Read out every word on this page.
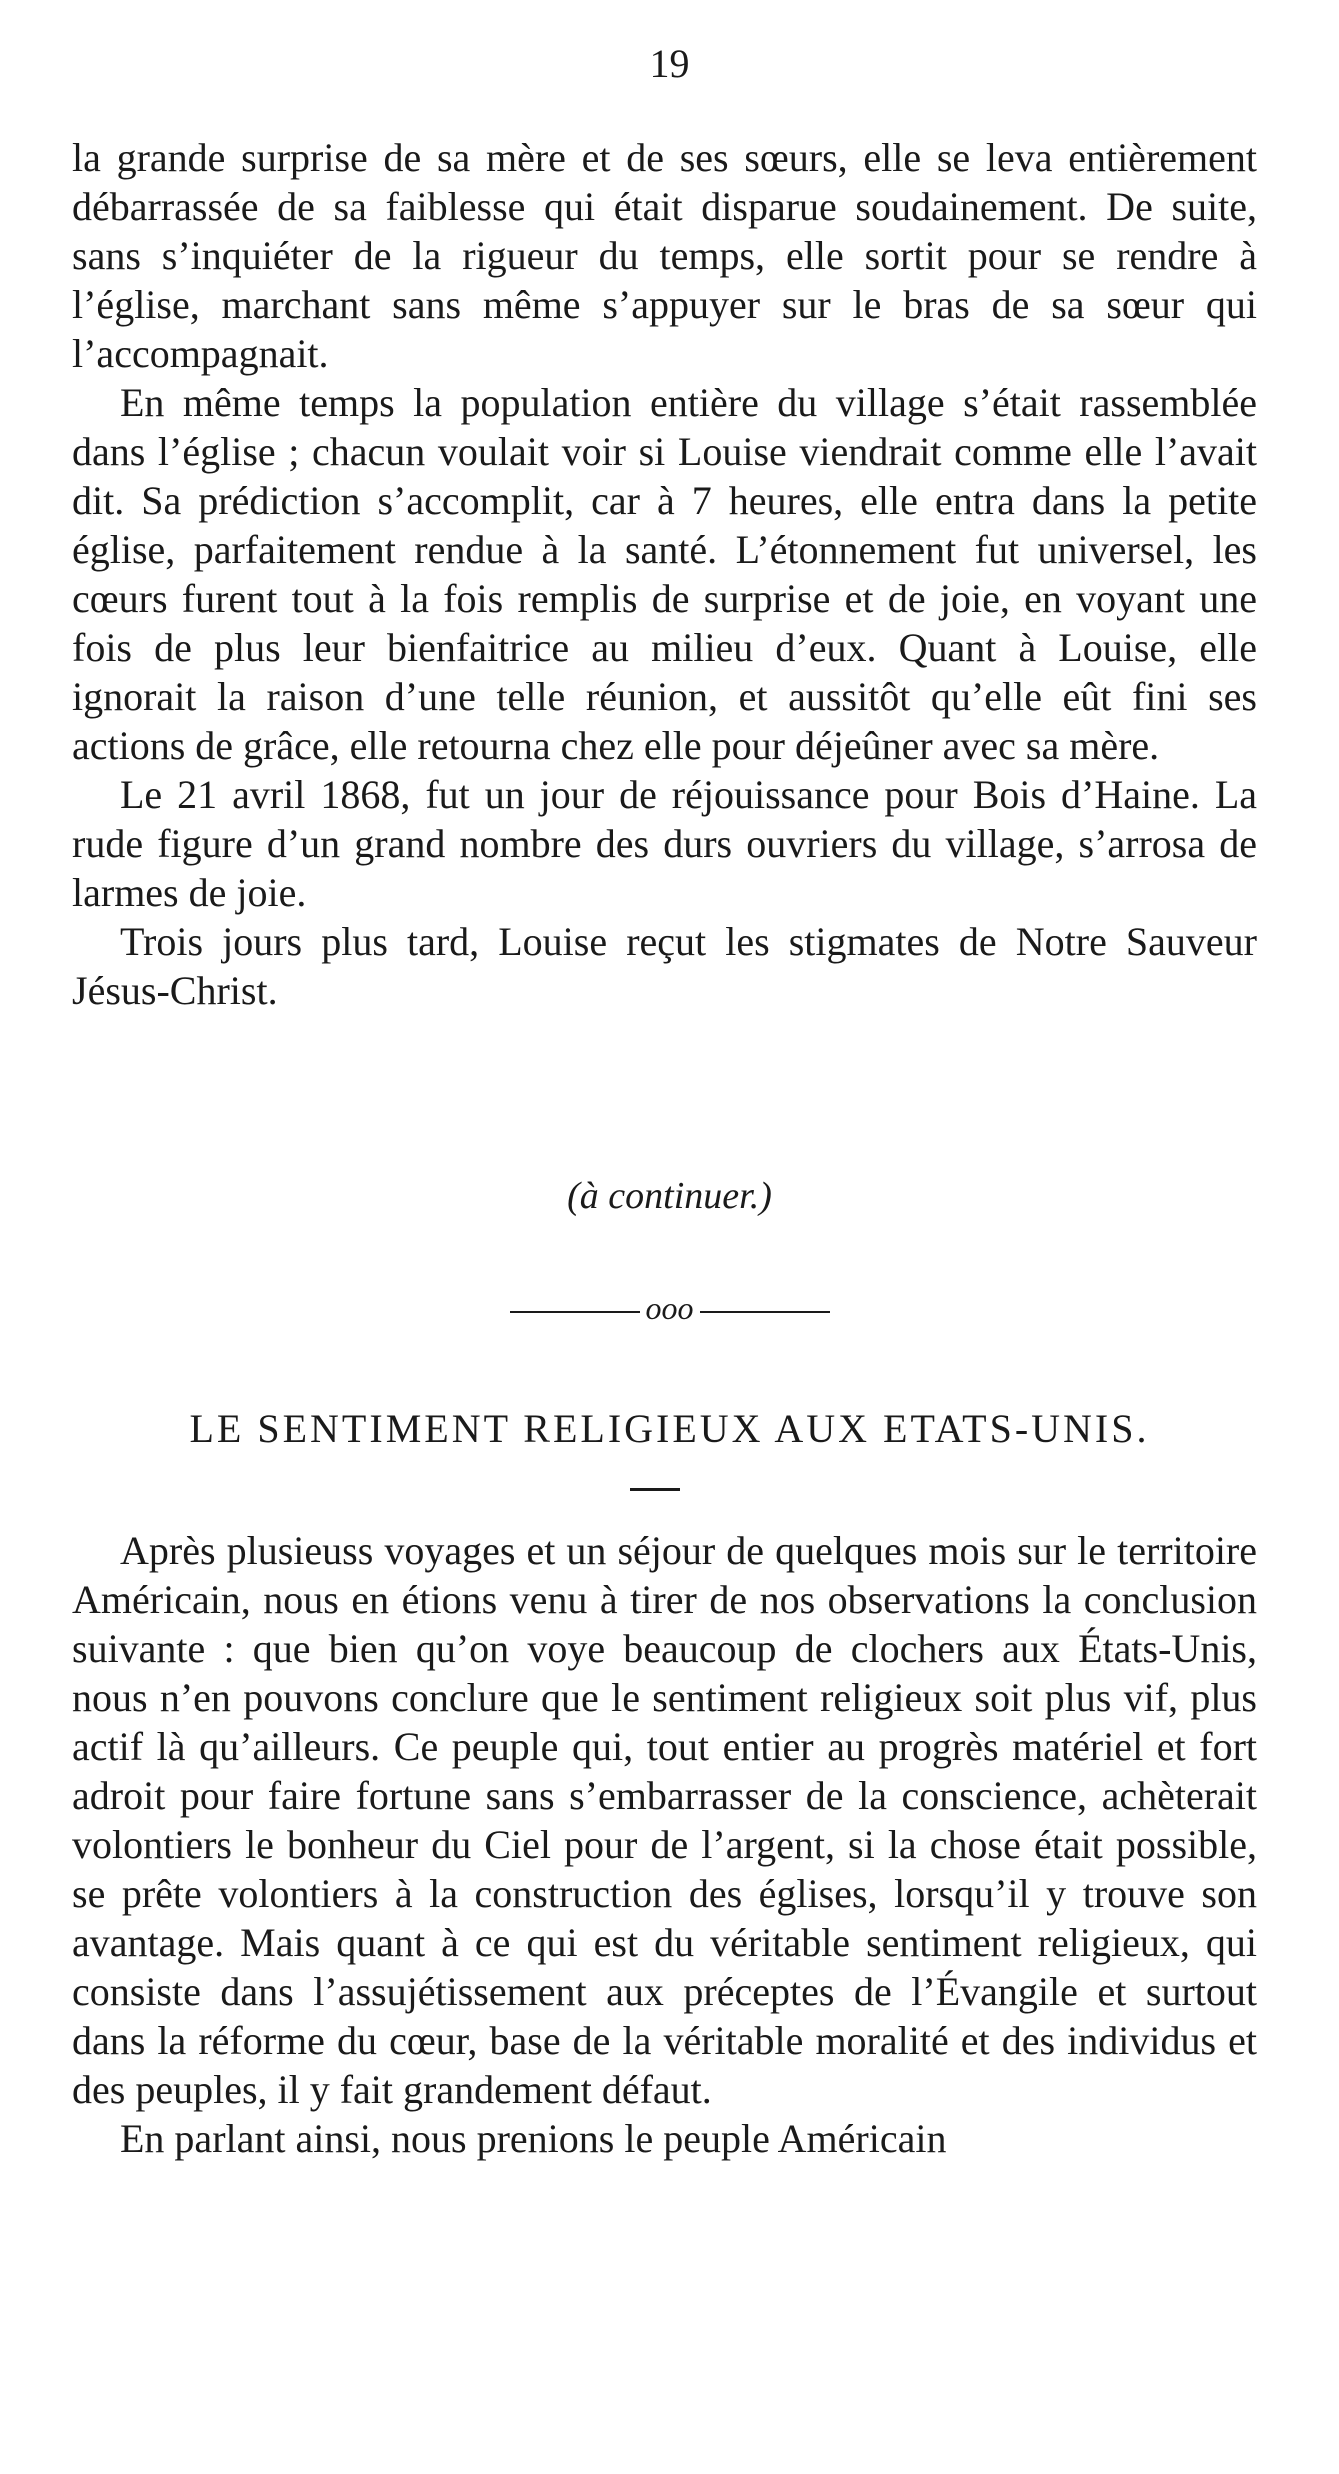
19

la grande surprise de sa mère et de ses sœurs, elle se leva entièrement débarrassée de sa faiblesse qui était disparue soudainement. De suite, sans s’inquiéter de la rigueur du temps, elle sortit pour se rendre à l’église, marchant sans même s’appuyer sur le bras de sa sœur qui l’accompagnait.

En même temps la population entière du village s’était rassemblée dans l’église ; chacun voulait voir si Louise viendrait comme elle l’avait dit. Sa prédiction s’accomplit, car à 7 heures, elle entra dans la petite église, parfaitement rendue à la santé. L’étonnement fut universel, les cœurs furent tout à la fois remplis de surprise et de joie, en voyant une fois de plus leur bienfaitrice au milieu d’eux. Quant à Louise, elle ignorait la raison d’une telle réunion, et aussitôt qu’elle eût fini ses actions de grâce, elle retourna chez elle pour déjeûner avec sa mère.

Le 21 avril 1868, fut un jour de réjouissance pour Bois d’Haine. La rude figure d’un grand nombre des durs ouvriers du village, s’arrosa de larmes de joie.

Trois jours plus tard, Louise reçut les stigmates de Notre Sauveur Jésus-Christ.

(à continuer.)
ooo
LE SENTIMENT RELIGIEUX AUX ETATS-UNIS.

Après plusieuss voyages et un séjour de quelques mois sur le territoire Américain, nous en étions venu à tirer de nos observations la conclusion suivante : que bien qu’on voye beaucoup de clochers aux États-Unis, nous n’en pouvons conclure que le sentiment religieux soit plus vif, plus actif là qu’ailleurs. Ce peuple qui, tout entier au progrès matériel et fort adroit pour faire fortune sans s’embarrasser de la conscience, achèterait volontiers le bonheur du Ciel pour de l’argent, si la chose était possible, se prête volontiers à la construction des églises, lorsqu’il y trouve son avantage. Mais quant à ce qui est du véritable sentiment religieux, qui consiste dans l’assujétissement aux préceptes de l’Évangile et surtout dans la réforme du cœur, base de la véritable moralité et des individus et des peuples, il y fait grandement défaut.

En parlant ainsi, nous prenions le peuple Américain
